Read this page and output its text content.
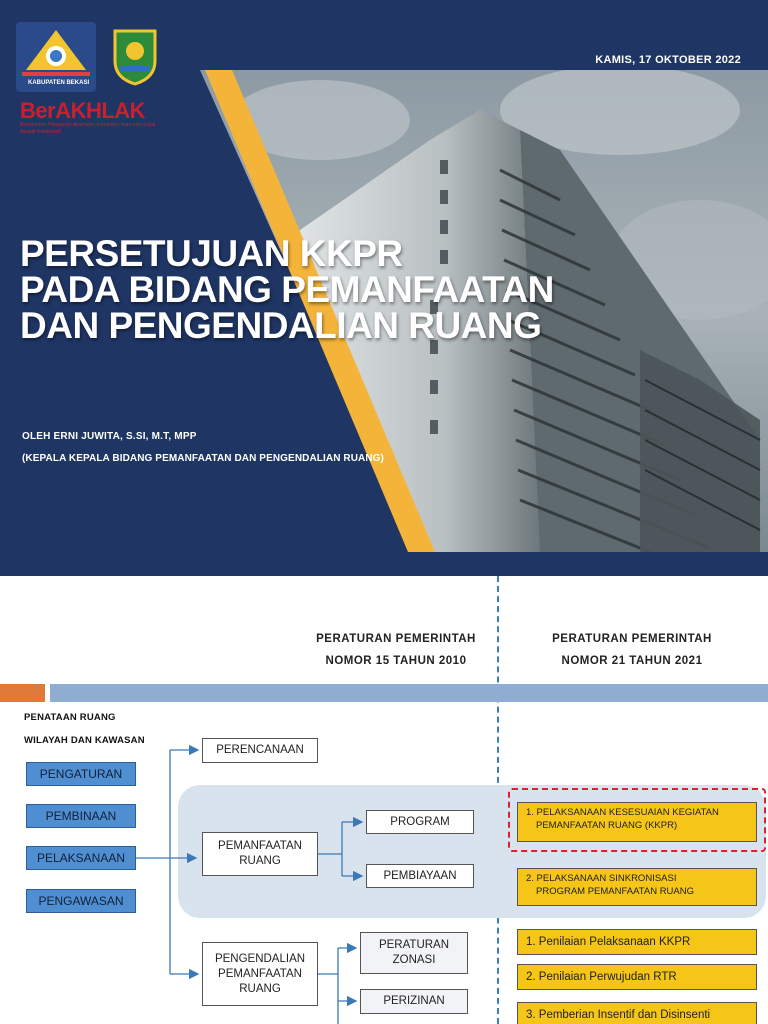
KABUPATEN BEKASI
BerAKHLAK
Berorientasi Pelayanan Akuntabel Kompeten Harmonis Loyal Adaptif Kolaboratif
KAMIS, 17 OKTOBER 2022
PERSETUJUAN KKPR
PADA BIDANG PEMANFAATAN
DAN PENGENDALIAN RUANG
OLEH ERNI JUWITA, S.SI, M.T, MPP
(KEPALA KEPALA BIDANG PEMANFAATAN DAN PENGENDALIAN RUANG)
PERATURAN PEMERINTAH
NOMOR 15 TAHUN 2010
PERATURAN PEMERINTAH
NOMOR 21 TAHUN 2021
PENATAAN RUANG
WILAYAH DAN KAWASAN
PENGATURAN
PEMBINAAN
PELAKSANAAN
PENGAWASAN
PERENCANAAN
PEMANFAATAN
RUANG
PROGRAM
PEMBIAYAAN
PENGENDALIAN
PEMANFAATAN
RUANG
PERATURAN
ZONASI
PERIZINAN
1. PELAKSANAAN KESESUAIAN KEGIATAN
PEMANFAATAN RUANG (KKPR)
2. PELAKSANAAN SINKRONISASI
PROGRAM PEMANFAATAN RUANG
1. Penilaian Pelaksanaan KKPR
2. Penilaian Perwujudan RTR
3. Pemberian Insentif dan Disinsenti
